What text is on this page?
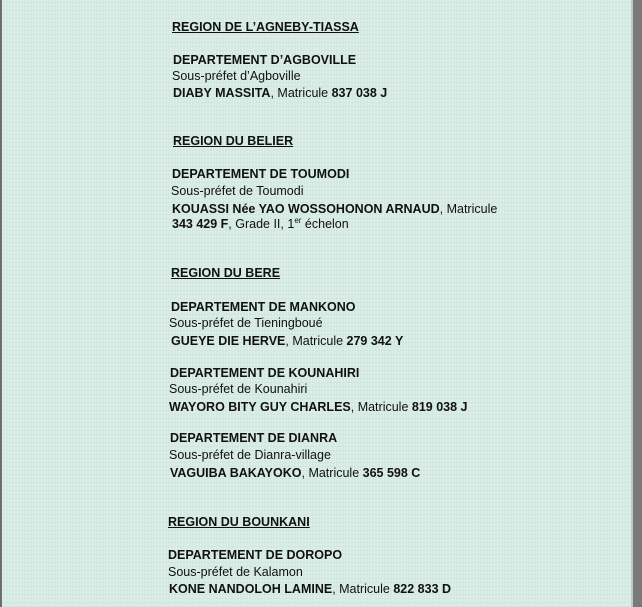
REGION DE L’AGNEBY-TIASSA
DEPARTEMENT D’AGBOVILLE
Sous-préfet d’Agboville
DIABY MASSITA, Matricule 837 038 J
REGION DU BELIER
DEPARTEMENT DE TOUMODI
Sous-préfet de Toumodi
KOUASSI Née YAO WOSSOHONON ARNAUD, Matricule
343 429 F, Grade II, 1er échelon
REGION DU BERE
DEPARTEMENT DE MANKONO
Sous-préfet de Tieningboué
GUEYE DIE HERVE, Matricule 279 342 Y
DEPARTEMENT DE KOUNAHIRI
Sous-préfet de Kounahiri
WAYORO BITY GUY CHARLES, Matricule 819 038 J
DEPARTEMENT DE DIANRA
Sous-préfet de Dianra-village
VAGUIBA BAKAYOKO, Matricule 365 598 C
REGION DU BOUNKANI
DEPARTEMENT DE DOROPO
Sous-préfet de Kalamon
KONE NANDOLOH LAMINE, Matricule 822 833 D
